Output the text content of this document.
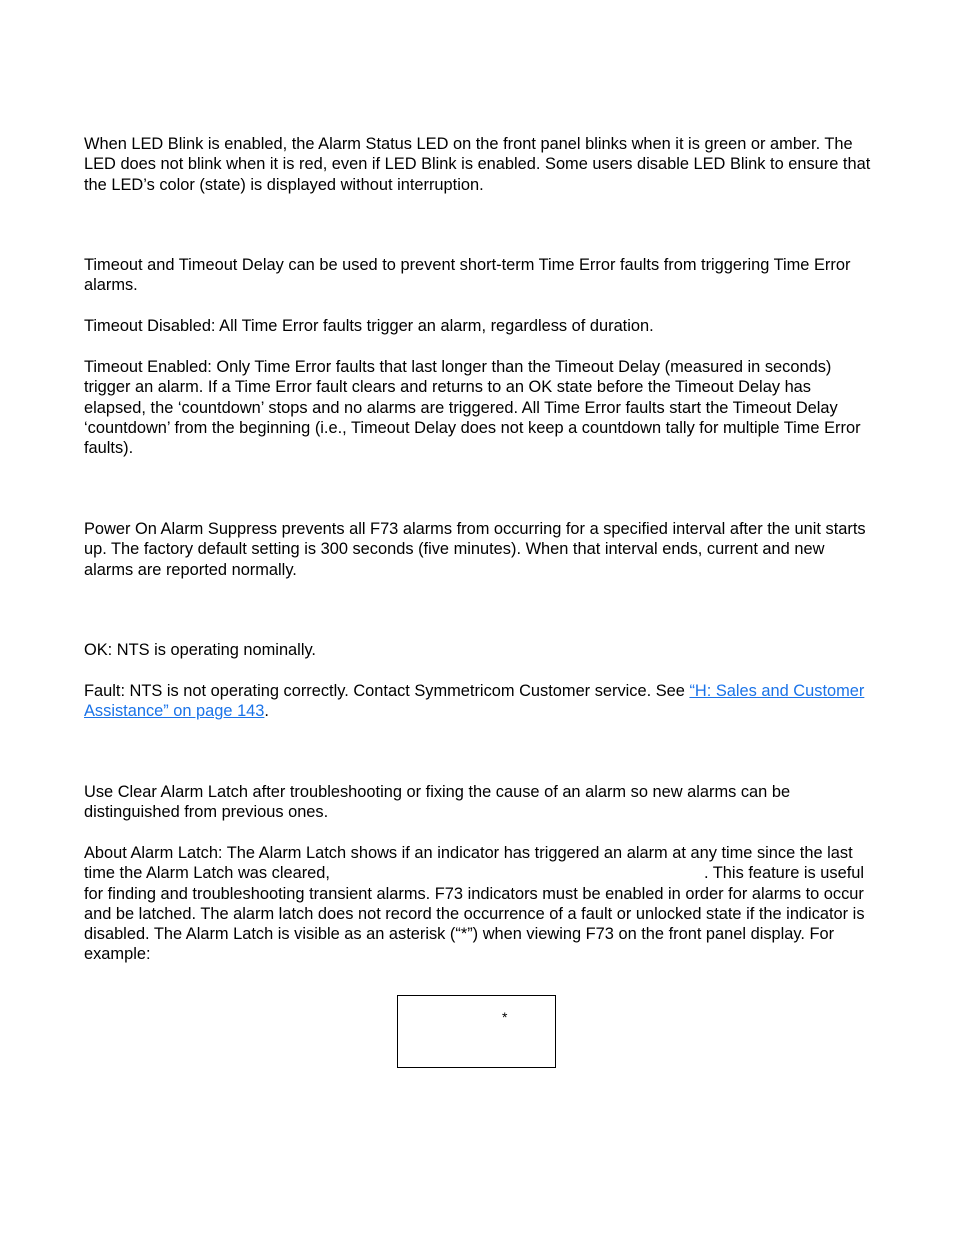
When LED Blink is enabled, the Alarm Status LED on the front panel blinks when it is green or amber. The LED does not blink when it is red, even if LED Blink is enabled. Some users disable LED Blink to ensure that the LED’s color (state) is displayed without interruption.

Timeout and Timeout Delay can be used to prevent short-term Time Error faults from triggering Time Error alarms.

Timeout Disabled: All Time Error faults trigger an alarm, regardless of duration.

Timeout Enabled: Only Time Error faults that last longer than the Timeout Delay (measured in seconds) trigger an alarm. If a Time Error fault clears and returns to an OK state before the Timeout Delay has elapsed, the ‘countdown’ stops and no alarms are triggered. All Time Error faults start the Timeout Delay ‘countdown’ from the beginning (i.e., Timeout Delay does not keep a countdown tally for multiple Time Error faults).

Power On Alarm Suppress prevents all F73 alarms from occurring for a specified interval after the unit starts up. The factory default setting is 300 seconds (five minutes). When that interval ends, current and new alarms are reported normally.

OK: NTS is operating nominally.

Fault: NTS is not operating correctly. Contact Symmetricom Customer service. See “H: Sales and Customer Assistance” on page 143.

Use Clear Alarm Latch after troubleshooting or fixing the cause of an alarm so new alarms can be distinguished from previous ones.

About Alarm Latch: The Alarm Latch shows if an indicator has triggered an alarm at any time since the last time the Alarm Latch was cleared,	. This feature is useful for finding and troubleshooting transient alarms. F73 indicators must be enabled in order for alarms to occur and be latched. The alarm latch does not record the occurrence of a fault or unlocked state if the indicator is disabled. The Alarm Latch is visible as an asterisk (“*”) when viewing F73 on the front panel display. For example:

*
